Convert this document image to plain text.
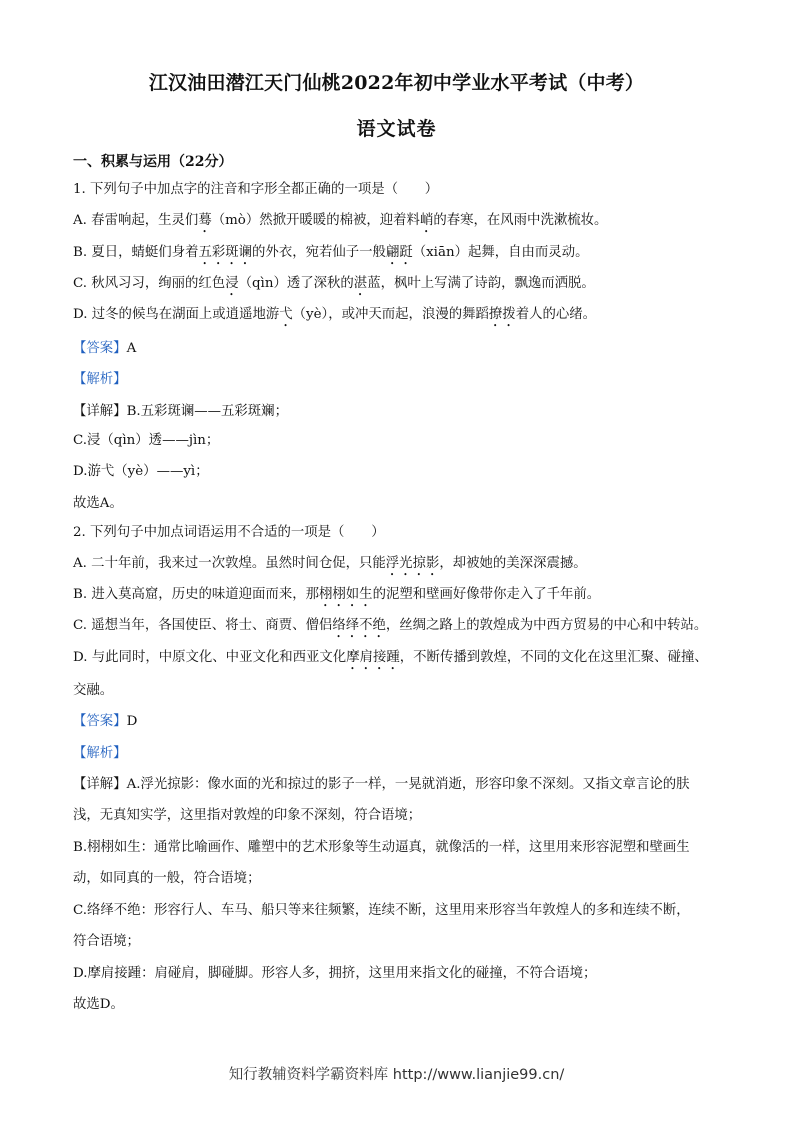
江汉油田潜江天门仙桃2022年初中学业水平考试（中考）
语文试卷
一、积累与运用（22分）
1. 下列句子中加点字的注音和字形全都正确的一项是（　　）
A. 春雷响起，生灵们蓦（mò）然掀开暖暖的棉被，迎着料峭的春寒，在风雨中洗漱梳妆。
B. 夏日，蜻蜓们身着五彩斑谰的外衣，宛若仙子一般翩跹（xiān）起舞，自由而灵动。
C. 秋风习习，绚丽的红色浸（qìn）透了深秋的湛蓝，枫叶上写满了诗韵，飘逸而洒脱。
D. 过冬的候鸟在湖面上或逍遥地游弋（yè），或冲天而起，浪漫的舞蹈撩拨着人的心绪。
【答案】A
【解析】
【详解】B.五彩斑谰——五彩斑斓；
C.浸（qìn）透——jìn；
D.游弋（yè）——yì；
故选A。
2. 下列句子中加点词语运用不合适的一项是（　　）
A. 二十年前，我来过一次敦煌。虽然时间仓促，只能浮光掠影，却被她的美深深震撼。
B. 进入莫高窟，历史的味道迎面而来，那栩栩如生的泥塑和壁画好像带你走入了千年前。
C. 遥想当年，各国使臣、将士、商贾、僧侣络绎不绝，丝绸之路上的敦煌成为中西方贸易的中心和中转站。
D. 与此同时，中原文化、中亚文化和西亚文化摩肩接踵，不断传播到敦煌，不同的文化在这里汇聚、碰撞、
交融。
【答案】D
【解析】
【详解】A.浮光掠影：像水面的光和掠过的影子一样，一晃就消逝，形容印象不深刻。又指文章言论的肤
浅，无真知实学，这里指对敦煌的印象不深刻，符合语境；
B.栩栩如生：通常比喻画作、雕塑中的艺术形象等生动逼真，就像活的一样，这里用来形容泥塑和壁画生
动，如同真的一般，符合语境；
C.络绎不绝：形容行人、车马、船只等来往频繁，连续不断，这里用来形容当年敦煌人的多和连续不断，
符合语境；
D.摩肩接踵：肩碰肩，脚碰脚。形容人多，拥挤，这里用来指文化的碰撞，不符合语境；
故选D。
知行教辅资料学霸资料库 http://www.lianjie99.cn/
